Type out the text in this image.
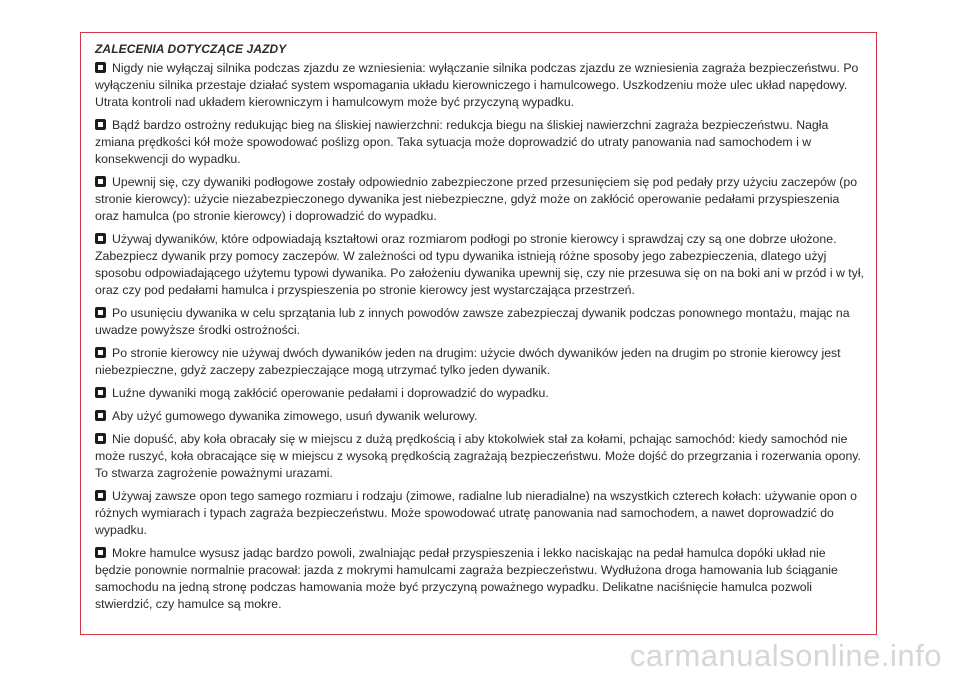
ZALECENIA DOTYCZĄCE JAZDY

Nigdy nie wyłączaj silnika podczas zjazdu ze wzniesienia: wyłączanie silnika podczas zjazdu ze wzniesienia zagraża bezpieczeństwu. Po wyłączeniu silnika przestaje działać system wspomagania układu kierowniczego i hamulcowego. Uszkodzeniu może ulec układ napędowy. Utrata kontroli nad układem kierowniczym i hamulcowym może być przyczyną wypadku.

Bądź bardzo ostrożny redukując bieg na śliskiej nawierzchni: redukcja biegu na śliskiej nawierzchni zagraża bezpieczeństwu. Nagła zmiana prędkości kół może spowodować poślizg opon. Taka sytuacja może doprowadzić do utraty panowania nad samochodem i w konsekwencji do wypadku.

Upewnij się, czy dywaniki podłogowe zostały odpowiednio zabezpieczone przed przesunięciem się pod pedały przy użyciu zaczepów (po stronie kierowcy): użycie niezabezpieczonego dywanika jest niebezpieczne, gdyż może on zakłócić operowanie pedałami przyspieszenia oraz hamulca (po stronie kierowcy) i doprowadzić do wypadku.

Używaj dywaników, które odpowiadają kształtowi oraz rozmiarom podłogi po stronie kierowcy i sprawdzaj czy są one dobrze ułożone. Zabezpiecz dywanik przy pomocy zaczepów. W zależności od typu dywanika istnieją różne sposoby jego zabezpieczenia, dlatego użyj sposobu odpowiadającego użytemu typowi dywanika. Po założeniu dywanika upewnij się, czy nie przesuwa się on na boki ani w przód i w tył, oraz czy pod pedałami hamulca i przyspieszenia po stronie kierowcy jest wystarczająca przestrzeń.

Po usunięciu dywanika w celu sprzątania lub z innych powodów zawsze zabezpieczaj dywanik podczas ponownego montażu, mając na uwadze powyższe środki ostrożności.

Po stronie kierowcy nie używaj dwóch dywaników jeden na drugim: użycie dwóch dywaników jeden na drugim po stronie kierowcy jest niebezpieczne, gdyż zaczepy zabezpieczające mogą utrzymać tylko jeden dywanik.

Luźne dywaniki mogą zakłócić operowanie pedałami i doprowadzić do wypadku.

Aby użyć gumowego dywanika zimowego, usuń dywanik welurowy.

Nie dopuść, aby koła obracały się w miejscu z dużą prędkością i aby ktokolwiek stał za kołami, pchając samochód: kiedy samochód nie może ruszyć, koła obracające się w miejscu z wysoką prędkością zagrażają bezpieczeństwu. Może dojść do przegrzania i rozerwania opony. To stwarza zagrożenie poważnymi urazami.

Używaj zawsze opon tego samego rozmiaru i rodzaju (zimowe, radialne lub nieradialne) na wszystkich czterech kołach: używanie opon o różnych wymiarach i typach zagraża bezpieczeństwu. Może spowodować utratę panowania nad samochodem, a nawet doprowadzić do wypadku.

Mokre hamulce wysusz jadąc bardzo powoli, zwalniając pedał przyspieszenia i lekko naciskając na pedał hamulca dopóki układ nie będzie ponownie normalnie pracował: jazda z mokrymi hamulcami zagraża bezpieczeństwu. Wydłużona droga hamowania lub ściąganie samochodu na jedną stronę podczas hamowania może być przyczyną poważnego wypadku. Delikatne naciśnięcie hamulca pozwoli stwierdzić, czy hamulce są mokre.

carmanualsonline.info
